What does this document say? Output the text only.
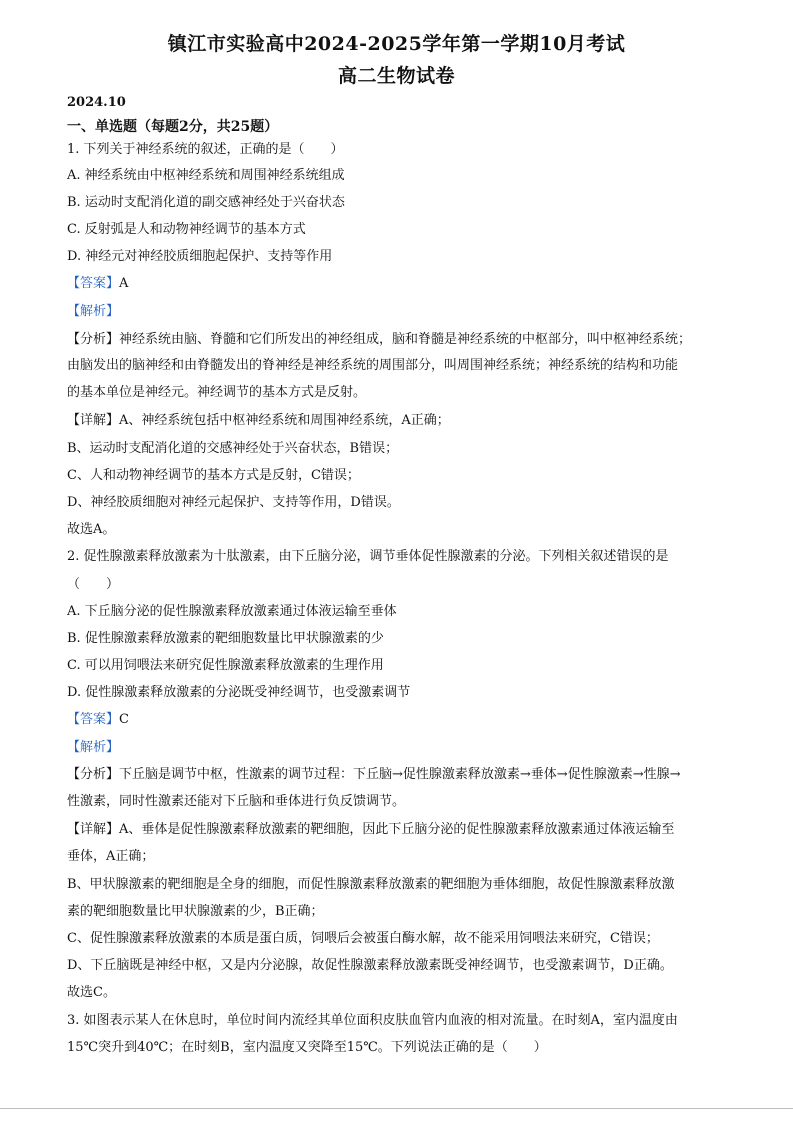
镇江市实验高中2024-2025学年第一学期10月考试
高二生物试卷
2024.10
一、单选题（每题2分，共25题）
1. 下列关于神经系统的叙述，正确的是（　　）
A. 神经系统由中枢神经系统和周围神经系统组成
B. 运动时支配消化道的副交感神经处于兴奋状态
C. 反射弧是人和动物神经调节的基本方式
D. 神经元对神经胶质细胞起保护、支持等作用
【答案】A
【解析】
【分析】神经系统由脑、脊髓和它们所发出的神经组成，脑和脊髓是神经系统的中枢部分，叫中枢神经系统；
由脑发出的脑神经和由脊髓发出的脊神经是神经系统的周围部分，叫周围神经系统；神经系统的结构和功能
的基本单位是神经元。神经调节的基本方式是反射。
【详解】A、神经系统包括中枢神经系统和周围神经系统，A正确；
B、运动时支配消化道的交感神经处于兴奋状态，B错误；
C、人和动物神经调节的基本方式是反射，C错误；
D、神经胶质细胞对神经元起保护、支持等作用，D错误。
故选A。
2. 促性腺激素释放激素为十肽激素，由下丘脑分泌，调节垂体促性腺激素的分泌。下列相关叙述错误的是
（　　）
A. 下丘脑分泌的促性腺激素释放激素通过体液运输至垂体
B. 促性腺激素释放激素的靶细胞数量比甲状腺激素的少
C. 可以用饲喂法来研究促性腺激素释放激素的生理作用
D. 促性腺激素释放激素的分泌既受神经调节，也受激素调节
【答案】C
【解析】
【分析】下丘脑是调节中枢，性激素的调节过程：下丘脑→促性腺激素释放激素→垂体→促性腺激素→性腺→
性激素，同时性激素还能对下丘脑和垂体进行负反馈调节。
【详解】A、垂体是促性腺激素释放激素的靶细胞，因此下丘脑分泌的促性腺激素释放激素通过体液运输至
垂体，A正确；
B、甲状腺激素的靶细胞是全身的细胞，而促性腺激素释放激素的靶细胞为垂体细胞，故促性腺激素释放激
素的靶细胞数量比甲状腺激素的少，B正确；
C、促性腺激素释放激素的本质是蛋白质，饲喂后会被蛋白酶水解，故不能采用饲喂法来研究，C错误；
D、下丘脑既是神经中枢，又是内分泌腺，故促性腺激素释放激素既受神经调节，也受激素调节，D正确。
故选C。
3. 如图表示某人在休息时，单位时间内流经其单位面积皮肤血管内血液的相对流量。在时刻A，室内温度由
15℃突升到40℃；在时刻B，室内温度又突降至15℃。下列说法正确的是（　　）
